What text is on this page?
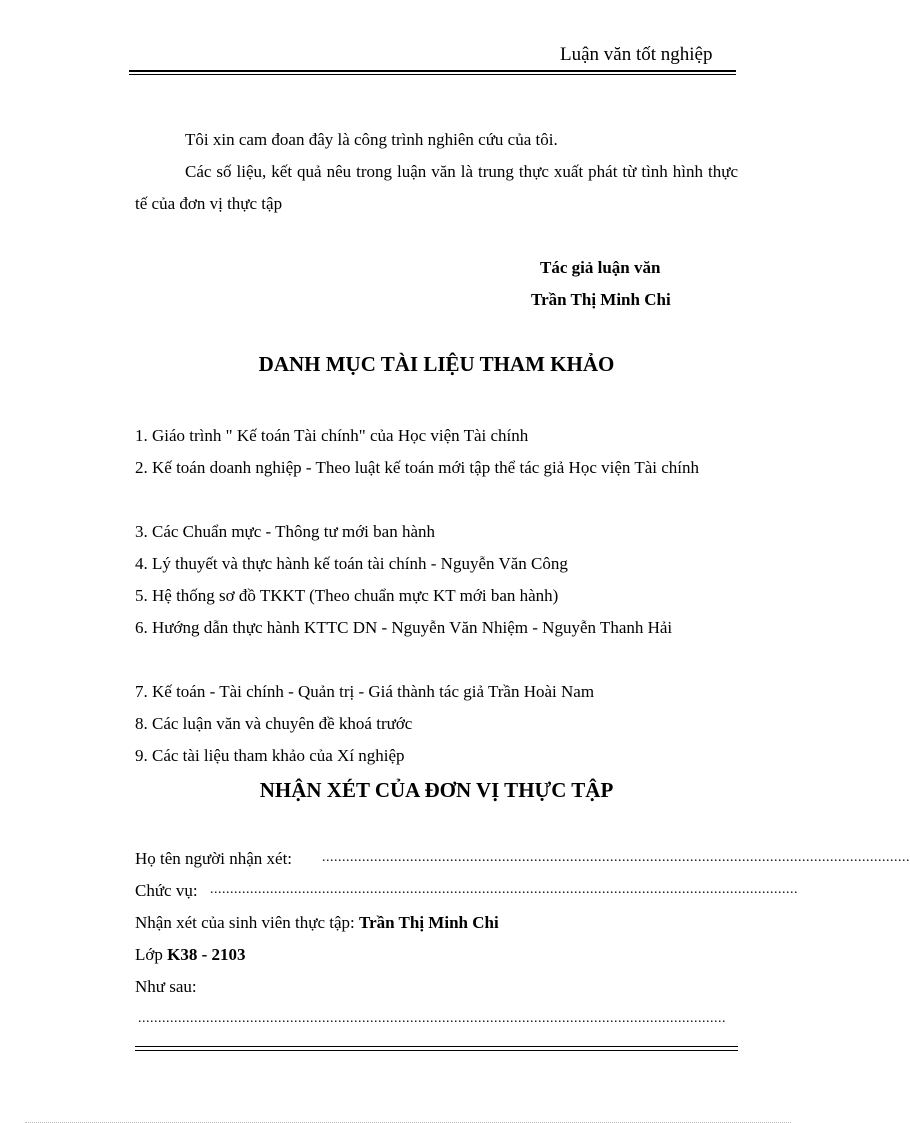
Luận văn tốt nghiệp
Tôi xin cam đoan đây là công trình nghiên cứu của tôi.
Các số liệu, kết quả nêu trong luận văn là trung thực xuất phát từ tình hình thực tế của đơn vị thực tập
Tác giả luận văn
Trần Thị Minh Chi
DANH MỤC TÀI LIỆU THAM KHẢO
1. Giáo trình " Kế toán Tài chính" của Học viện Tài chính
2. Kế toán doanh nghiệp - Theo luật kế toán mới tập thể tác giả Học viện Tài chính
3. Các Chuẩn mực - Thông tư mới ban hành
4. Lý thuyết và thực hành kế toán tài chính - Nguyễn Văn Công
5. Hệ thống sơ đồ TKKT (Theo chuẩn mực KT mới ban hành)
6. Hướng dẫn thực hành KTTC DN - Nguyễn Văn Nhiệm - Nguyễn Thanh Hải
7. Kế toán - Tài chính - Quản trị - Giá thành tác giả Trần Hoài Nam
8. Các luận văn và chuyên đề khoá trước
9. Các tài liệu tham khảo của Xí nghiệp
NHẬN XÉT CỦA ĐƠN VỊ THỰC TẬP
Họ tên người nhận xét: ...................................................................................................................................................
Chức vụ: ...................................................................................................................................................
Nhận xét của sinh viên thực tập: Trần Thị Minh Chi
Lớp K38 - 2103
Như sau:
...................................................................................................................................................
